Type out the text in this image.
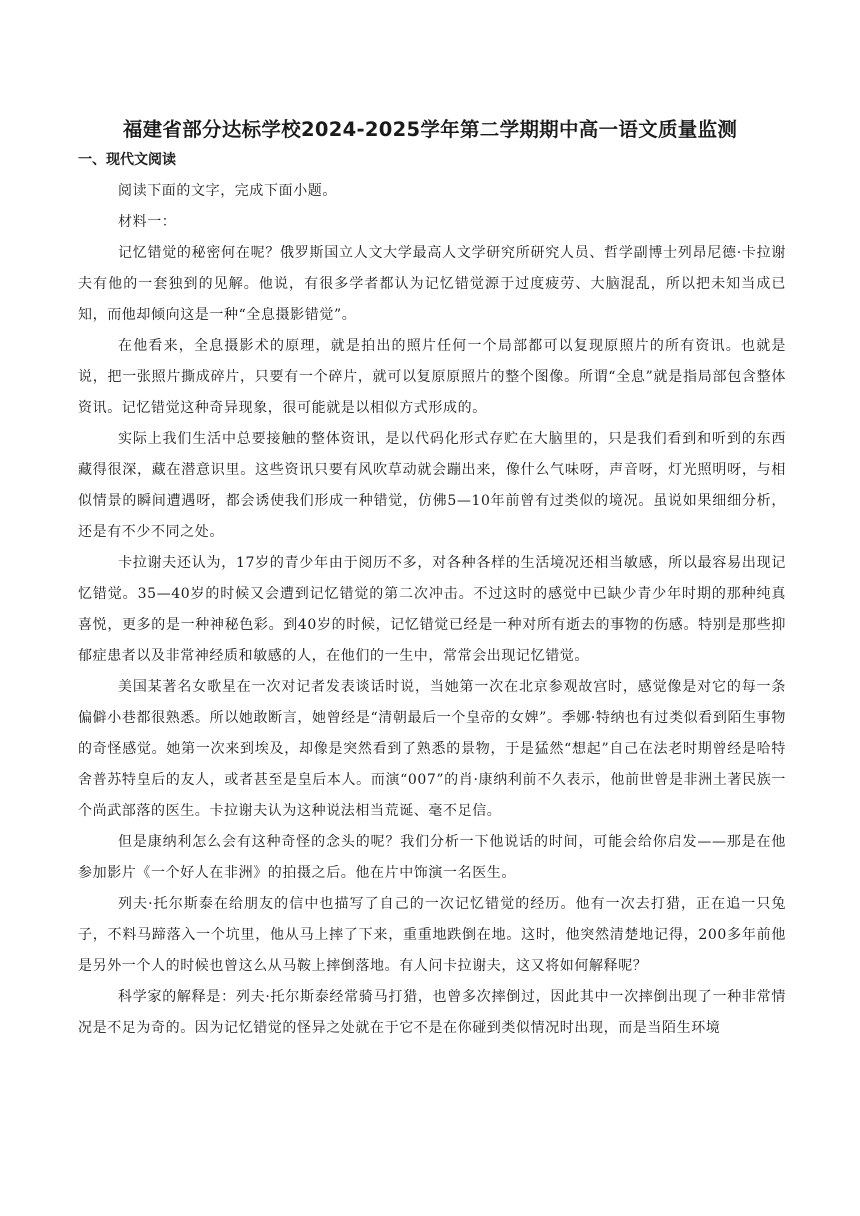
福建省部分达标学校2024-2025学年第二学期期中高一语文质量监测
一、现代文阅读

阅读下面的文字，完成下面小题。

材料一：

记忆错觉的秘密何在呢？俄罗斯国立人文大学最高人文学研究所研究人员、哲学副博士列昂尼德·卡拉谢夫有他的一套独到的见解。他说，有很多学者都认为记忆错觉源于过度疲劳、大脑混乱，所以把未知当成已知，而他却倾向这是一种“全息摄影错觉”。

在他看来，全息摄影术的原理，就是拍出的照片任何一个局部都可以复现原照片的所有资讯。也就是说，把一张照片撕成碎片，只要有一个碎片，就可以复原原照片的整个图像。所谓“全息”就是指局部包含整体资讯。记忆错觉这种奇异现象，很可能就是以相似方式形成的。

实际上我们生活中总要接触的整体资讯，是以代码化形式存贮在大脑里的，只是我们看到和听到的东西藏得很深，藏在潜意识里。这些资讯只要有风吹草动就会蹦出来，像什么气味呀，声音呀，灯光照明呀，与相似情景的瞬间遭遇呀，都会诱使我们形成一种错觉，仿佛5—10年前曾有过类似的境况。虽说如果细细分析，还是有不少不同之处。

卡拉谢夫还认为，17岁的青少年由于阅历不多，对各种各样的生活境况还相当敏感，所以最容易出现记忆错觉。35—40岁的时候又会遭到记忆错觉的第二次冲击。不过这时的感觉中已缺少青少年时期的那种纯真喜悦，更多的是一种神秘色彩。到40岁的时候，记忆错觉已经是一种对所有逝去的事物的伤感。特别是那些抑郁症患者以及非常神经质和敏感的人，在他们的一生中，常常会出现记忆错觉。

美国某著名女歌星在一次对记者发表谈话时说，当她第一次在北京参观故宫时，感觉像是对它的每一条偏僻小巷都很熟悉。所以她敢断言，她曾经是“清朝最后一个皇帝的女婢”。季娜·特纳也有过类似看到陌生事物的奇怪感觉。她第一次来到埃及，却像是突然看到了熟悉的景物，于是猛然“想起”自己在法老时期曾经是哈特舍普苏特皇后的友人，或者甚至是皇后本人。而演“007”的肖·康纳利前不久表示，他前世曾是非洲土著民族一个尚武部落的医生。卡拉谢夫认为这种说法相当荒诞、毫不足信。

但是康纳利怎么会有这种奇怪的念头的呢？我们分析一下他说话的时间，可能会给你启发——那是在他参加影片《一个好人在非洲》的拍摄之后。他在片中饰演一名医生。

列夫·托尔斯泰在给朋友的信中也描写了自己的一次记忆错觉的经历。他有一次去打猎，正在追一只兔子，不料马蹄落入一个坑里，他从马上摔了下来，重重地跌倒在地。这时，他突然清楚地记得，200多年前他是另外一个人的时候也曾这么从马鞍上摔倒落地。有人问卡拉谢夫，这又将如何解释呢？

科学家的解释是：列夫·托尔斯泰经常骑马打猎，也曾多次摔倒过，因此其中一次摔倒出现了一种非常情况是不足为奇的。因为记忆错觉的怪异之处就在于它不是在你碰到类似情况时出现，而是当陌生环境
